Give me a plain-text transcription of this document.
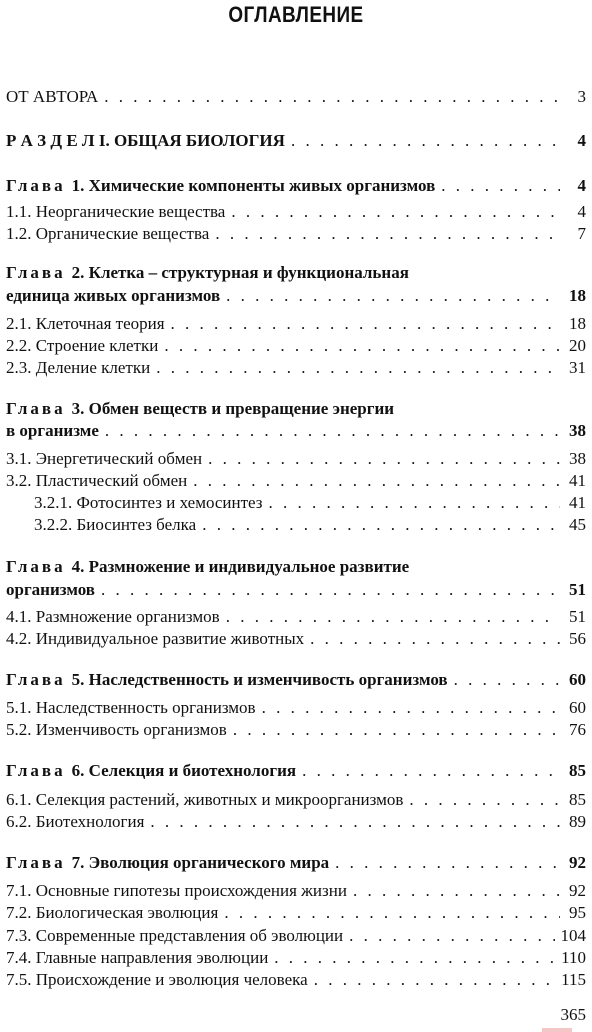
ОГЛАВЛЕНИЕ
ОТ АВТОРА . . .	3
Р А З Д Е Л I. ОБЩАЯ БИОЛОГИЯ . . .	4
Глава 1. Химические компоненты живых организмов . . .	4
1.1. Неорганические вещества . . .	4
1.2. Органические вещества . . .	7
Глава 2. Клетка – структурная и функциональная
единица живых организмов . . .	18
2.1. Клеточная теория . . .	18
2.2. Строение клетки . . .	20
2.3. Деление клетки . . .	31
Глава 3. Обмен веществ и превращение энергии
в организме . . .	38
3.1. Энергетический обмен . . .	38
3.2. Пластический обмен . . .	41
3.2.1. Фотосинтез и хемосинтез . . .	41
3.2.2. Биосинтез белка . . .	45
Глава 4. Размножение и индивидуальное развитие
организмов . . .	51
4.1. Размножение организмов . . .	51
4.2. Индивидуальное развитие животных . . .	56
Глава 5. Наследственность и изменчивость организмов . . .	60
5.1. Наследственность организмов . . .	60
5.2. Изменчивость организмов . . .	76
Глава 6. Селекция и биотехнология . . .	85
6.1. Селекция растений, животных и микроорганизмов . . .	85
6.2. Биотехнология . . .	89
Глава 7. Эволюция органического мира . . .	92
7.1. Основные гипотезы происхождения жизни . . .	92
7.2. Биологическая эволюция . . .	95
7.3. Современные представления об эволюции . . .	104
7.4. Главные направления эволюции . . .	110
7.5. Происхождение и эволюция человека . . .	115
365
